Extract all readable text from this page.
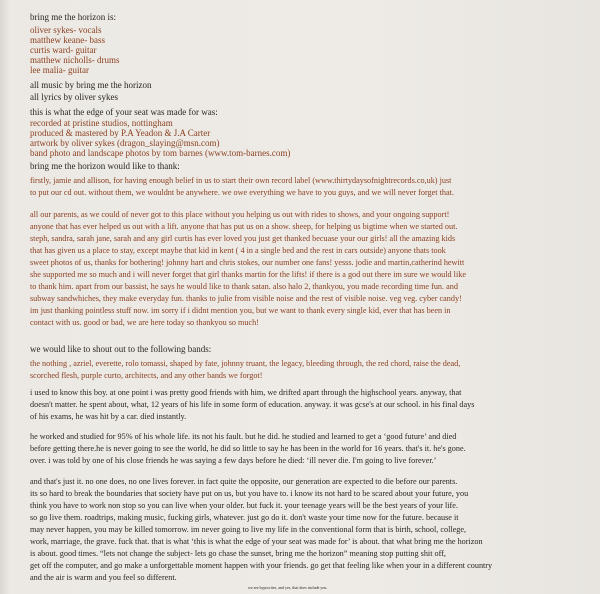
bring me the horizon is:
oliver sykes- vocals
matthew keane- bass
curtis ward- guitar
matthew nicholls- drums
lee malia- guitar
all music by bring me the horizon
all lyrics by oliver sykes
this is what the edge of your seat was made for was:
recorded at pristine studios, nottingham
produced & mastered by P.A Yeadon & J.A Carter
artwork by oliver sykes (dragon_slaying@msn.com)
band photo and landscape photos by tom barnes (www.tom-barnes.com)
bring me the horizon would like to thank:
firstly, jamie and allison, for having enough belief in us to start their own record label (www.thirtydaysofnightrecords.co,uk) just
to put our cd out. without them, we wouldnt be anywhere. we owe everything we have to you guys, and we will never forget that.
all our parents, as we could of never got to this place without you helping us out with rides to shows, and your ongoing support!
anyone that has ever helped us out with a lift. anyone that has put us on a show. sheep, for helping us bigtime when we started out.
steph, sandra, sarah jane, sarah and any girl curtis has ever loved you just get thanked becuase your our girls! all the amazing kids
that has given us a place to stay, except maybe that kid in kent ( 4 in a single bed and the rest in cars outside) anyone thats took
sweet photos of us, thanks for bothering! johnny hart and chris stokes, our number one fans! yesss. jodie and martin,catherind hewitt
she supported me so much and i will never forget that girl thanks martin for the lifts! if there is a god out there im sure we would like
to thank him. apart from our bassist, he says he would like to thank satan. also halo 2, thankyou, you made recording time fun. and
subway sandwhiches, they make everyday fun. thanks to julie from visible noise and the rest of visible noise. veg veg. cyber candy!
im just thanking pointless stuff now. im sorry if i didnt mention you, but we want to thank every single kid, ever that has been in
contact with us. good or bad, we are here today so thankyou so much!
we would like to shout out to the following bands:
the nothing , azriel, everette, rolo tomassi, shaped by fate, johnny truant, the legacy, bleeding through, the red chord, raise the dead,
scorched flesh, purple curto, architects, and any other bands we forgot!
i used to know this boy. at one point i was pretty good friends with him, we drifted apart through the highschool years. anyway, that
doesn't matter. he spent about, what, 12 years of his life in some form of education. anyway. it was gcse's at our school. in his final days
of his exams, he was hit by a car. died instantly.
he worked and studied for 95% of his whole life. its not his fault. but he did. he studied and learned to get a ‘good future’ and died
before getting there.he is never going to see the world, he did so little to say he has been in the world for 16 years. that's it. he's gone.
over. i was told by one of his close friends he was saying a few days before he died: ‘ill never die. I'm going to live forever.’
and that's just it. no one does, no one lives forever. in fact quite the opposite, our generation are expected to die before our parents.
its so hard to break the boundaries that society have put on us, but you have to. i know its not hard to be scared about your future, you
think you have to work non stop so you can live when your older. but fuck it. your teenage years will be the best years of your life.
so go live them. roadtrips, making music, fucking girls, whatever. just go do it. don't waste your time now for the future. because it
may never happen, you may be killed tomorrow. im never going to live my life in the conventional form that is birth, school, college,
work, marriage, the grave. fuck that. that is what ‘this is what the edge of your seat was made for’ is about. that what bring me the horizon
is about. good times. “lets not change the subject- lets go chase the sunset, bring me the horizon” meaning stop putting shit off,
get off the computer, and go make a unforgettable moment happen with your friends. go get that feeling like when your in a different country
and the air is warm and you feel so different.
we are hypocrites, and yes, that does include you.
